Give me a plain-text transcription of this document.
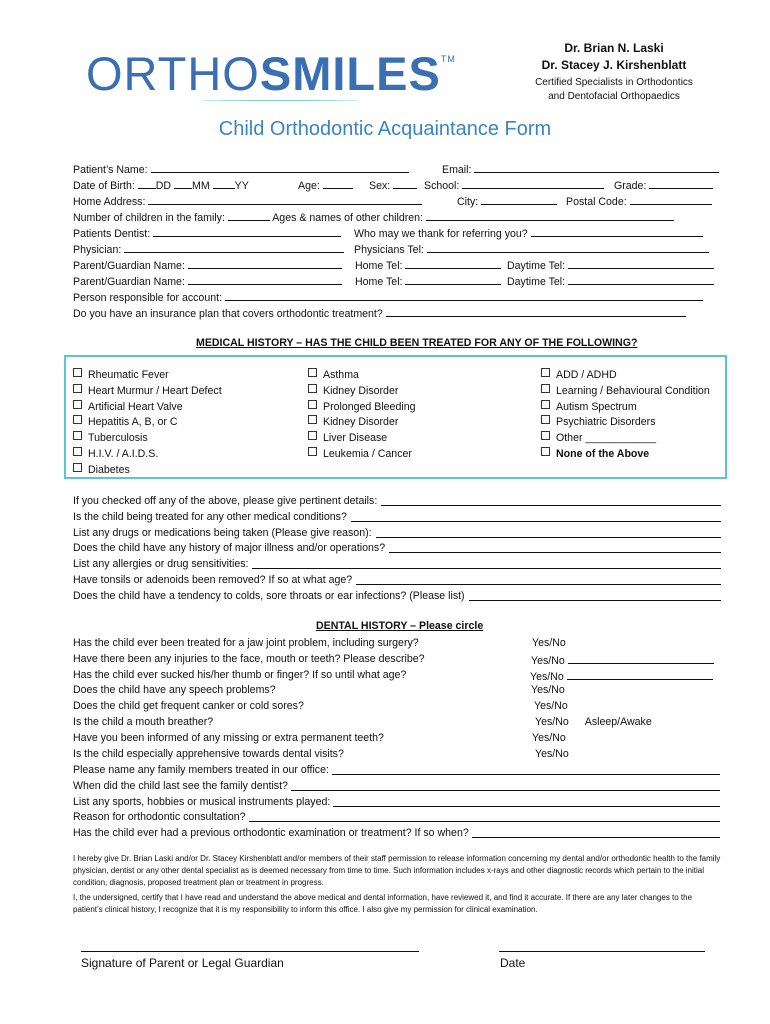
ORTHOSMILES™
Dr. Brian N. Laski
Dr. Stacey J. Kirshenblatt
Certified Specialists in Orthodontics
and Dentofacial Orthopaedics
Child Orthodontic Acquaintance Form
Patient’s Name:	Email:
Date of Birth: DD MM YY	Age:	Sex:	School:	Grade:
Home Address:	City:	Postal Code:
Number of children in the family:	Ages & names of other children:
Patients Dentist:	Who may we thank for referring you?
Physician:	Physicians Tel:
Parent/Guardian Name:	Home Tel:	Daytime Tel:
Parent/Guardian Name:	Home Tel:	Daytime Tel:
Person responsible for account:
Do you have an insurance plan that covers orthodontic treatment?
MEDICAL HISTORY – HAS THE CHILD BEEN TREATED FOR ANY OF THE FOLLOWING?
Rheumatic Fever
Heart Murmur / Heart Defect
Artificial Heart Valve
Hepatitis A, B, or C
Tuberculosis
H.I.V. / A.I.D.S.
Diabetes
Asthma
Kidney Disorder
Prolonged Bleeding
Kidney Disorder
Liver Disease
Leukemia / Cancer
ADD / ADHD
Learning / Behavioural Condition
Autism Spectrum
Psychiatric Disorders
Other ____________
None of the Above
If you checked off any of the above, please give pertinent details:
Is the child being treated for any other medical conditions?
List any drugs or medications being taken (Please give reason):
Does the child have any history of major illness and/or operations?
List any allergies or drug sensitivities:
Have tonsils or adenoids been removed? If so at what age?
Does the child have a tendency to colds, sore throats or ear infections? (Please list)
DENTAL HISTORY – Please circle
Has the child ever been treated for a jaw joint problem, including surgery?	Yes/No
Have there been any injuries to the face, mouth or teeth? Please describe?	Yes/No
Has the child ever sucked his/her thumb or finger? If so until what age?	Yes/No
Does the child have any speech problems?	Yes/No
Does the child get frequent canker or cold sores?	Yes/No
Is the child a mouth breather?	Yes/No Asleep/Awake
Have you been informed of any missing or extra permanent teeth?	Yes/No
Is the child especially apprehensive towards dental visits?	Yes/No
Please name any family members treated in our office:
When did the child last see the family dentist?
List any sports, hobbies or musical instruments played:
Reason for orthodontic consultation?
Has the child ever had a previous orthodontic examination or treatment? If so when?
I hereby give Dr. Brian Laski and/or Dr. Stacey Kirshenblatt and/or members of their staff permission to release information concerning my dental and/or orthodontic health to the family physician, dentist or any other dental specialist as is deemed necessary from time to time. Such information includes x-rays and other diagnostic records which pertain to the initial condition, diagnosis, proposed treatment plan or treatment in progress.
I, the undersigned, certify that I have read and understand the above medical and dental information, have reviewed it, and find it accurate. If there are any later changes to the patient’s clinical history, I recognize that it is my responsibility to inform this office. I also give my permission for clinical examination.
Signature of Parent or Legal Guardian	Date
